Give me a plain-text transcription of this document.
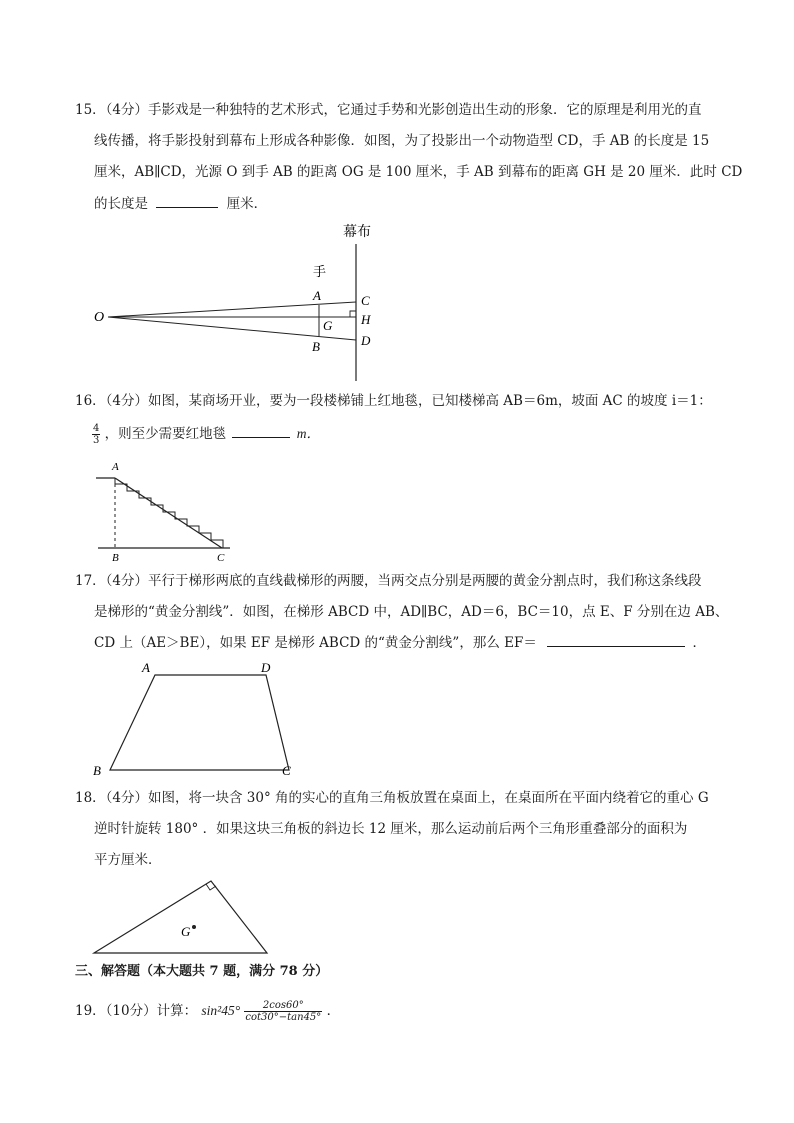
15．（4分）手影戏是一种独特的艺术形式，它通过手势和光影创造出生动的形象．它的原理是利用光的直
线传播，将手影投射到幕布上形成各种影像．如图，为了投影出一个动物造型 CD，手 AB 的长度是 15
厘米，AB∥CD，光源 O 到手 AB 的距离 OG 是 100 厘米，手 AB 到幕布的距离 GH 是 20 厘米．此时 CD
的长度是	厘米．
幕布
手
O
A
B
G
C
H
D
16．（4分）如图，某商场开业，要为一段楼梯铺上红地毯，已知楼梯高 AB＝6m，坡面 AC 的坡度 i＝1：
$\frac{4}{3}$ ，则至少需要红地毯	m．
A
B	C
17．（4分）平行于梯形两底的直线截梯形的两腰，当两交点分别是两腰的黄金分割点时，我们称这条线段
是梯形的“黄金分割线”．如图，在梯形 ABCD 中，AD∥BC，AD＝6，BC＝10，点 E、F 分别在边 AB、
CD 上（AE＞BE），如果 EF 是梯形 ABCD 的“黄金分割线”，那么 EF＝	．
A	D
B	C
18．（4分）如图，将一块含 30° 角的实心的直角三角板放置在桌面上，在桌面所在平面内绕着它的重心 G
逆时针旋转 180° ．如果这块三角板的斜边长 12 厘米，那么运动前后两个三角形重叠部分的面积为
平方厘米．
G
三、解答题（本大题共 7 题，满分 78 分）
19．（10分）计算： $\sin^245^\circ \frac{2\cos 60^\circ}{\cot 30^\circ-\tan 45^\circ}$ ．
